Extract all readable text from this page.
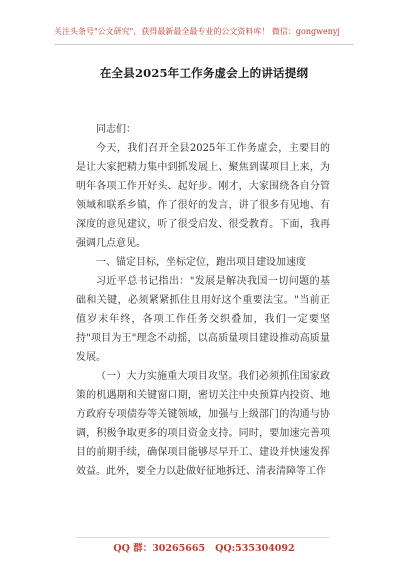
关注头条号"公文研究"，获得最新最全最专业的公文资料库！ 微信：gongwenyj
在全县2025年工作务虚会上的讲话提纲

同志们：

今天，我们召开全县2025年工作务虚会，主要目的是让大家把精力集中到抓发展上、聚焦到谋项目上来，为明年各项工作开好头、起好步。刚才，大家围绕各自分管领域和联系乡镇，作了很好的发言，讲了很多有见地、有深度的意见建议，听了很受启发、很受教育。下面，我再强调几点意见。

一、锚定目标，坐标定位，跑出项目建设加速度

习近平总书记指出："发展是解决我国一切问题的基础和关键，必须紧紧抓住且用好这个重要法宝。"当前正值岁末年终，各项工作任务交织叠加，我们一定要坚持"项目为王"理念不动摇，以高质量项目建设推动高质量发展。

（一）大力实施重大项目攻坚。我们必须抓住国家政策的机遇期和关键窗口期，密切关注中央预算内投资、地方政府专项债券等关键领域，加强与上级部门的沟通与协调，积极争取更多的项目资金支持。同时，要加速完善项目的前期手续，确保项目能够尽早开工、建设并快速发挥效益。此外，要全力以赴做好征地拆迁、清表清障等工作

QQ 群：30265665 QQ:535304092
